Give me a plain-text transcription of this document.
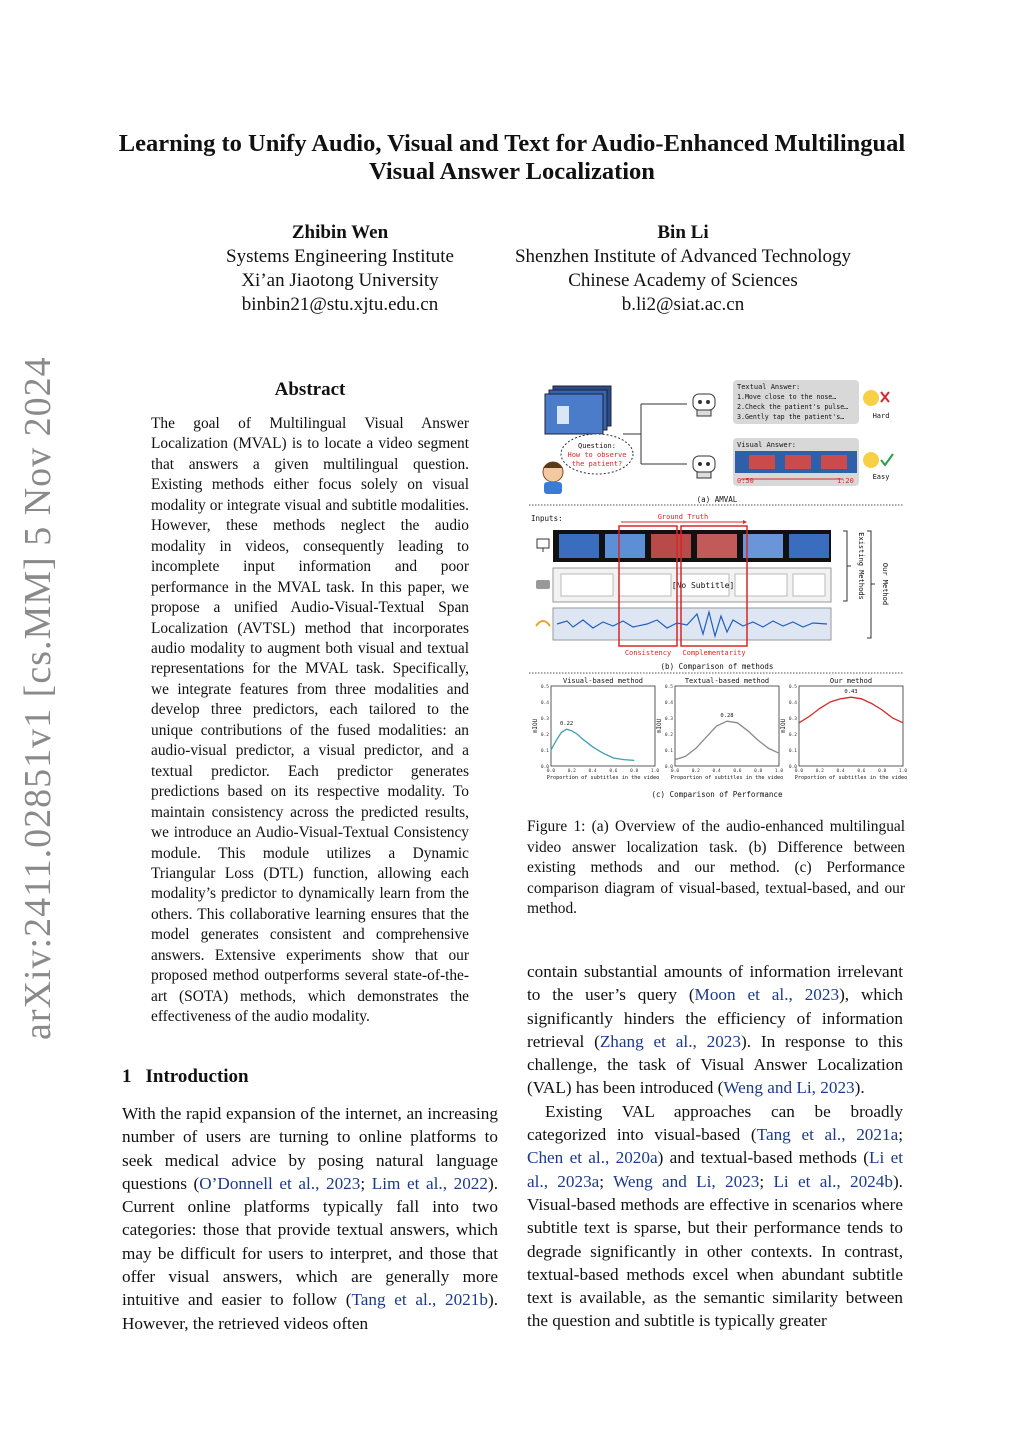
Learning to Unify Audio, Visual and Text for Audio-Enhanced Multilingual
Visual Answer Localization
Zhibin Wen
Systems Engineering Institute
Xi’an Jiaotong University
binbin21@stu.xjtu.edu.cn
Bin Li
Shenzhen Institute of Advanced Technology
Chinese Academy of Sciences
b.li2@siat.ac.cn
arXiv:2411.02851v1 [cs.MM] 5 Nov 2024	Abstract
The goal of Multilingual Visual Answer Localization (MVAL) is to locate a video segment that answers a given multilingual question. Existing methods either focus solely on visual modality or integrate visual and subtitle modalities. However, these methods neglect the audio modality in videos, consequently leading to incomplete input information and poor performance in the MVAL task. In this paper, we propose a unified Audio-Visual-Textual Span Localization (AVTSL) method that incorporates audio modality to augment both visual and textual representations for the MVAL task. Specifically, we integrate features from three modalities and develop three predictors, each tailored to the unique contributions of the fused modalities: an audio-visual predictor, a visual predictor, and a textual predictor. Each predictor generates predictions based on its respective modality. To maintain consistency across the predicted results, we introduce an Audio-Visual-Textual Consistency module. This module utilizes a Dynamic Triangular Loss (DTL) function, allowing each modality’s predictor to dynamically learn from the others. This collaborative learning ensures that the model generates consistent and comprehensive answers. Extensive experiments show that our proposed method outperforms several state-of-the-art (SOTA) methods, which demonstrates the effectiveness of the audio modality.
1 Introduction

With the rapid expansion of the internet, an increasing number of users are turning to online platforms to seek medical advice by posing natural language questions (O’Donnell et al., 2023; Lim et al., 2022). Current online platforms typically fall into two categories: those that provide textual answers, which may be difficult for users to interpret, and those that offer visual answers, which are generally more intuitive and easier to follow (Tang et al., 2021b). However, the retrieved videos often

Question:
How to observe
the patient?
Textual Answer:
1.Move close to the nose…
2.Check the patient's pulse…
3.Gently tap the patient's…	Hard
Visual Answer:
0:50	1:20	Easy
(a) AMVAL
Inputs:	Ground Truth
[No Subtitle]
Consistency Complementarity
Existing Methods Our Method
(b) Comparison of methods
Visual-based method
0.0
0.1
0.2
0.3
0.4
0.5
0.0	0.2	0.4	0.6	0.8	1.0
mIOU
Proportion of subtitles in the video
0.22
Textual-based method
0.0
0.1
0.2
0.3
0.4
0.5
0.0	0.2	0.4	0.6	0.8	1.0
mIOU
Proportion of subtitles in the video
0.28
Our method
0.0
0.1
0.2
0.3
0.4
0.5
0.0	0.2	0.4	0.6	0.8	1.0
mIOU
Proportion of subtitles in the video
0.43
(c) Comparison of Performance
Figure 1: (a) Overview of the audio-enhanced multilingual video answer localization task. (b) Difference between existing methods and our method. (c) Performance comparison diagram of visual-based, textual-based, and our method.

contain substantial amounts of information irrelevant to the user’s query (Moon et al., 2023), which significantly hinders the efficiency of information retrieval (Zhang et al., 2023). In response to this challenge, the task of Visual Answer Localization (VAL) has been introduced (Weng and Li, 2023).

Existing VAL approaches can be broadly categorized into visual-based (Tang et al., 2021a; Chen et al., 2020a) and textual-based methods (Li et al., 2023a; Weng and Li, 2023; Li et al., 2024b). Visual-based methods are effective in scenarios where subtitle text is sparse, but their performance tends to degrade significantly in other contexts. In contrast, textual-based methods excel when abundant subtitle text is available, as the semantic similarity between the question and subtitle is typically greater
